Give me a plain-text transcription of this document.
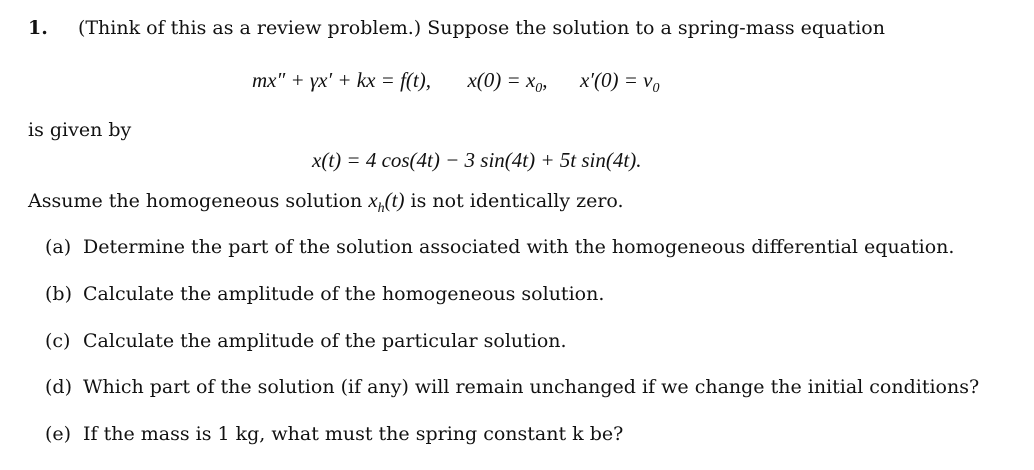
1. (Think of this as a review problem.) Suppose the solution to a spring-mass equation
mx″ + γx′ + kx = f(t), $x(0) = x_0$, $x'(0) = v_0$
is given by
x(t) = 4 cos(4t) − 3 sin(4t) + 5t sin(4t).
Assume the homogeneous solution $x_h(t)$ is not identically zero.
(a) Determine the part of the solution associated with the homogeneous differential equation.
(b) Calculate the amplitude of the homogeneous solution.
(c) Calculate the amplitude of the particular solution.
(d) Which part of the solution (if any) will remain unchanged if we change the initial conditions?
(e) If the mass is 1 kg, what must the spring constant k be?
